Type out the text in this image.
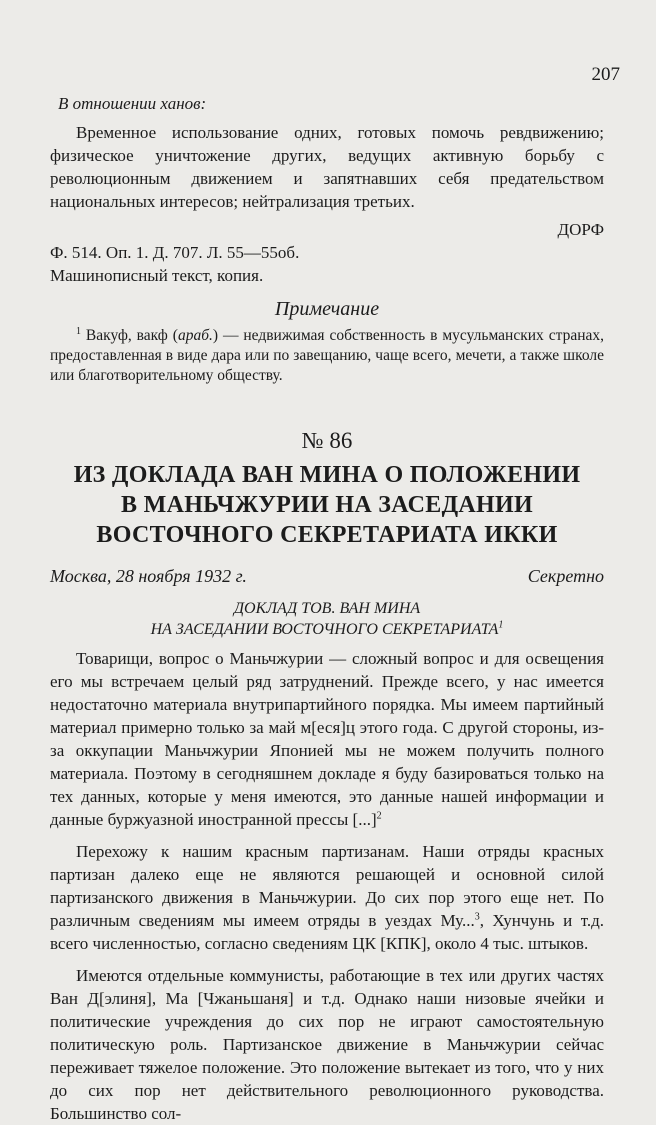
207

В отношении ханов:

Временное использование одних, готовых помочь ревдвижению; физическое уничтожение других, ведущих активную борьбу с революционным движением и запятнавших себя предательством национальных интересов; нейтрализация третьих.

ДОРФ

Ф. 514. Оп. 1. Д. 707. Л. 55—55об.

Машинописный текст, копия.

Примечание

$^1$ Вакуф, вакф (араб.) — недвижимая собственность в мусульманских странах, предоставленная в виде дара или по завещанию, чаще всего, мечети, а также школе или благотворительному обществу.

№ 86

ИЗ ДОКЛАДА ВАН МИНА О ПОЛОЖЕНИИ

В МАНЬЧЖУРИИ НА ЗАСЕДАНИИ

ВОСТОЧНОГО СЕКРЕТАРИАТА ИККИ

Москва, 28 ноября 1932 г.	Секретно

ДОКЛАД ТОВ. ВАН МИНА

НА ЗАСЕДАНИИ ВОСТОЧНОГО СЕКРЕТАРИАТА$^1$

Товарищи, вопрос о Маньчжурии — сложный вопрос и для освещения его мы встречаем целый ряд затруднений. Прежде всего, у нас имеется недостаточно материала внутрипартийного порядка. Мы имеем партийный материал примерно только за май м[еся]ц этого года. С другой стороны, из-за оккупации Маньчжурии Японией мы не можем получить полного материала. Поэтому в сегодняшнем докладе я буду базироваться только на тех данных, которые у меня имеются, это данные нашей информации и данные буржуазной иностранной прессы [...]$^2$

Перехожу к нашим красным партизанам. Наши отряды красных партизан далеко еще не являются решающей и основной силой партизанского движения в Маньчжурии. До сих пор этого еще нет. По различным сведениям мы имеем отряды в уездах Му...$^3$, Хунчунь и т.д. всего численностью, согласно сведениям ЦК [КПК], около 4 тыс. штыков.

Имеются отдельные коммунисты, работающие в тех или других частях Ван Д[элиня], Ма [Чжаньшаня] и т.д. Однако наши низовые ячейки и политические учреждения до сих пор не играют самостоятельную политическую роль. Партизанское движение в Маньчжурии сейчас переживает тяжелое положение. Это положение вытекает из того, что у них до сих пор нет действительного революционного руководства. Большинство сол-
